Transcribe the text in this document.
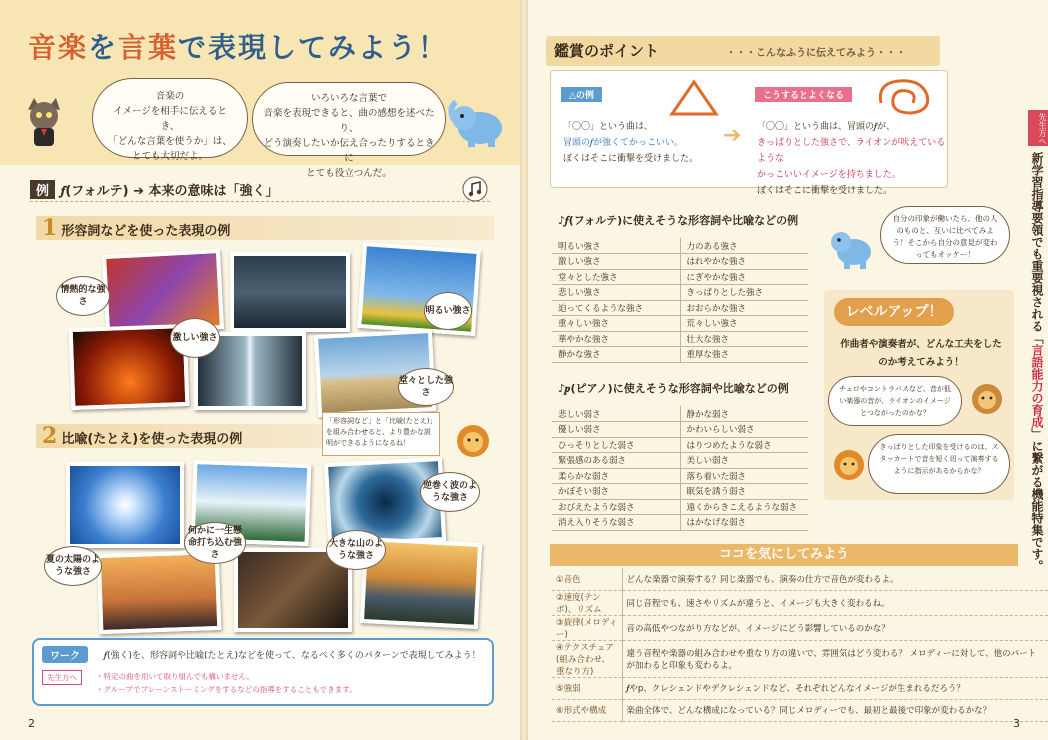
音楽を言葉で表現してみよう！
音楽の
イメージを相手に伝えるとき、
「どんな言葉を使うか」は、
とても大切だよ。
いろいろな言葉で
音楽を表現できると、曲の感想を述べたり、
どう演奏したいか伝え合ったりするときに
とても役立つんだ。
例 𝆑(フォルテ) ➔ 本来の意味は「強く」
1 形容詞などを使った表現の例
情熱的な強さ
激しい強さ
明るい強さ
堂々とした強さ
2 比喩(たとえ)を使った表現の例
「形容詞など」と「比喩(たとえ)」を組み合わせると、より豊かな説明ができるようになるね！
逆巻く波のような強さ
何かに一生懸命打ち込む強さ
夏の太陽のような強さ
大きな山のような強さ
ワーク	𝆑(強く)を、形容詞や比喩(たとえ)などを使って、なるべく多くのパターンで表現してみよう！
先生方へ	・特定の曲を用いて取り組んでも構いません。
・グループでブレーンストーミングをするなどの指導をすることもできます。
2
鑑賞のポイント	・・・こんなふうに伝えてみよう・・・
△の例
「〇〇」という曲は、
冒頭の𝆑が強くてかっこいい。
ぼくはそこに衝撃を受けました。
➔
こうするとよくなる
「〇〇」という曲は、冒頭の𝆑が、
きっぱりとした強さで、ライオンが吠えているような
かっこいいイメージを持ちました。
ぼくはそこに衝撃を受けました。
♪𝆑(フォルテ)に使えそうな形容詞や比喩などの例
明るい強さ	力のある強さ
激しい強さ	はれやかな強さ
堂々とした強さ	にぎやかな強さ
悲しい強さ	きっぱりとした強さ
迫ってくるような強さ	おおらかな強さ
重々しい強さ	荒々しい強さ
華やかな強さ	壮大な強さ
静かな強さ	重厚な強さ
♪𝆏(ピアノ)に使えそうな形容詞や比喩などの例
悲しい弱さ	静かな弱さ
優しい弱さ	かわいらしい弱さ
ひっそりとした弱さ	はりつめたような弱さ
緊張感のある弱さ	美しい弱さ
柔らかな弱さ	落ち着いた弱さ
かぼそい弱さ	眠気を誘う弱さ
おびえたような弱さ	遠くからきこえるような弱さ
消え入りそうな弱さ	はかなげな弱さ
自分の印象が働いたら、他の人のものと、互いに比べてみよう！そこから自分の意見が変わってもオッケー！
レベルアップ！
作曲者や演奏者が、どんな工夫をしたのか考えてみよう！
チェロやコントラバスなど、音が低い楽器の音が、ライオンのイメージとつながったのかな？
きっぱりとした印象を受けるのは、スタッカートで音を短く切って演奏するように指示があるからかな？
ココを気にしてみよう
①音色	どんな楽器で演奏する？同じ楽器でも、演奏の仕方で音色が変わるよ。
②速度(テンポ)、リズム	同じ音程でも、速さやリズムが違うと、イメージも大きく変わるね。
③旋律(メロディー)	音の高低やつながり方などが、イメージにどう影響しているのかな？
④テクスチュア (組み合わせ、重なり方)	違う音程や楽器の組み合わせや重なり方の違いで、雰囲気はどう変わる？ メロディーに対して、他のパートが加わると印象も変わるよ。
⑤強弱	𝆑やp、クレシェンドやデクレシェンドなど、それぞれどんなイメージが生まれるだろう？
⑥形式や構成	楽曲全体で、どんな構成になっている？同じメロディーでも、最初と最後で印象が変わるかな？
3
先生方へ
新学習指導要領でも重要視される「言語能力の育成」に繋がる機能特集です。
